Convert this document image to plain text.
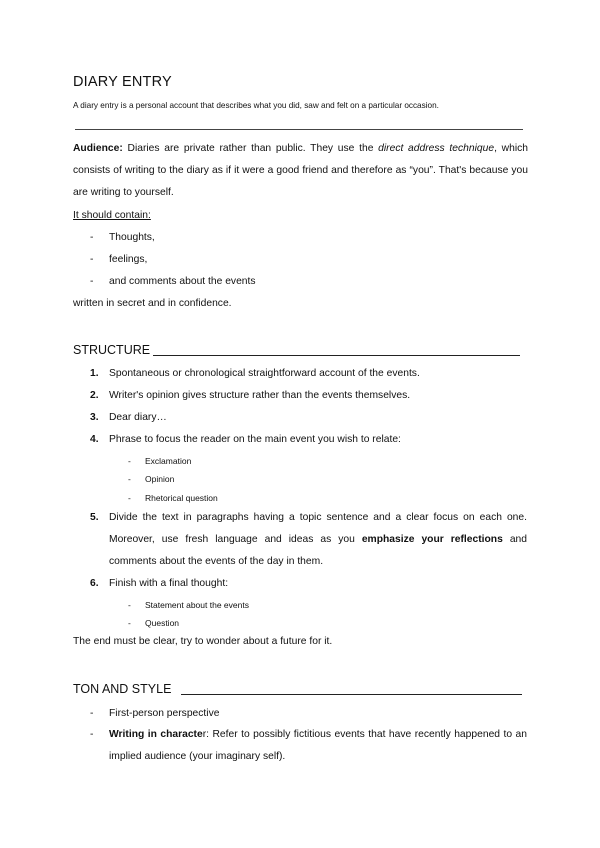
DIARY ENTRY
A diary entry is a personal account that describes what you did, saw and felt on a particular occasion.
Audience: Diaries are private rather than public. They use the direct address technique, which consists of writing to the diary as if it were a good friend and therefore as “you”. That's because you are writing to yourself.
It should contain:
- Thoughts,
- feelings,
- and comments about the events
written in secret and in confidence.
STRUCTURE
1. Spontaneous or chronological straightforward account of the events.
2. Writer's opinion gives structure rather than the events themselves.
3. Dear diary…
4. Phrase to focus the reader on the main event you wish to relate:
- Exclamation
- Opinion
- Rhetorical question
5. Divide the text in paragraphs having a topic sentence and a clear focus on each one. Moreover, use fresh language and ideas as you emphasize your reflections and comments about the events of the day in them.
6. Finish with a final thought:
- Statement about the events
- Question
The end must be clear, try to wonder about a future for it.
TON AND STYLE
- First-person perspective
- Writing in character: Refer to possibly fictitious events that have recently happened to an implied audience (your imaginary self).
